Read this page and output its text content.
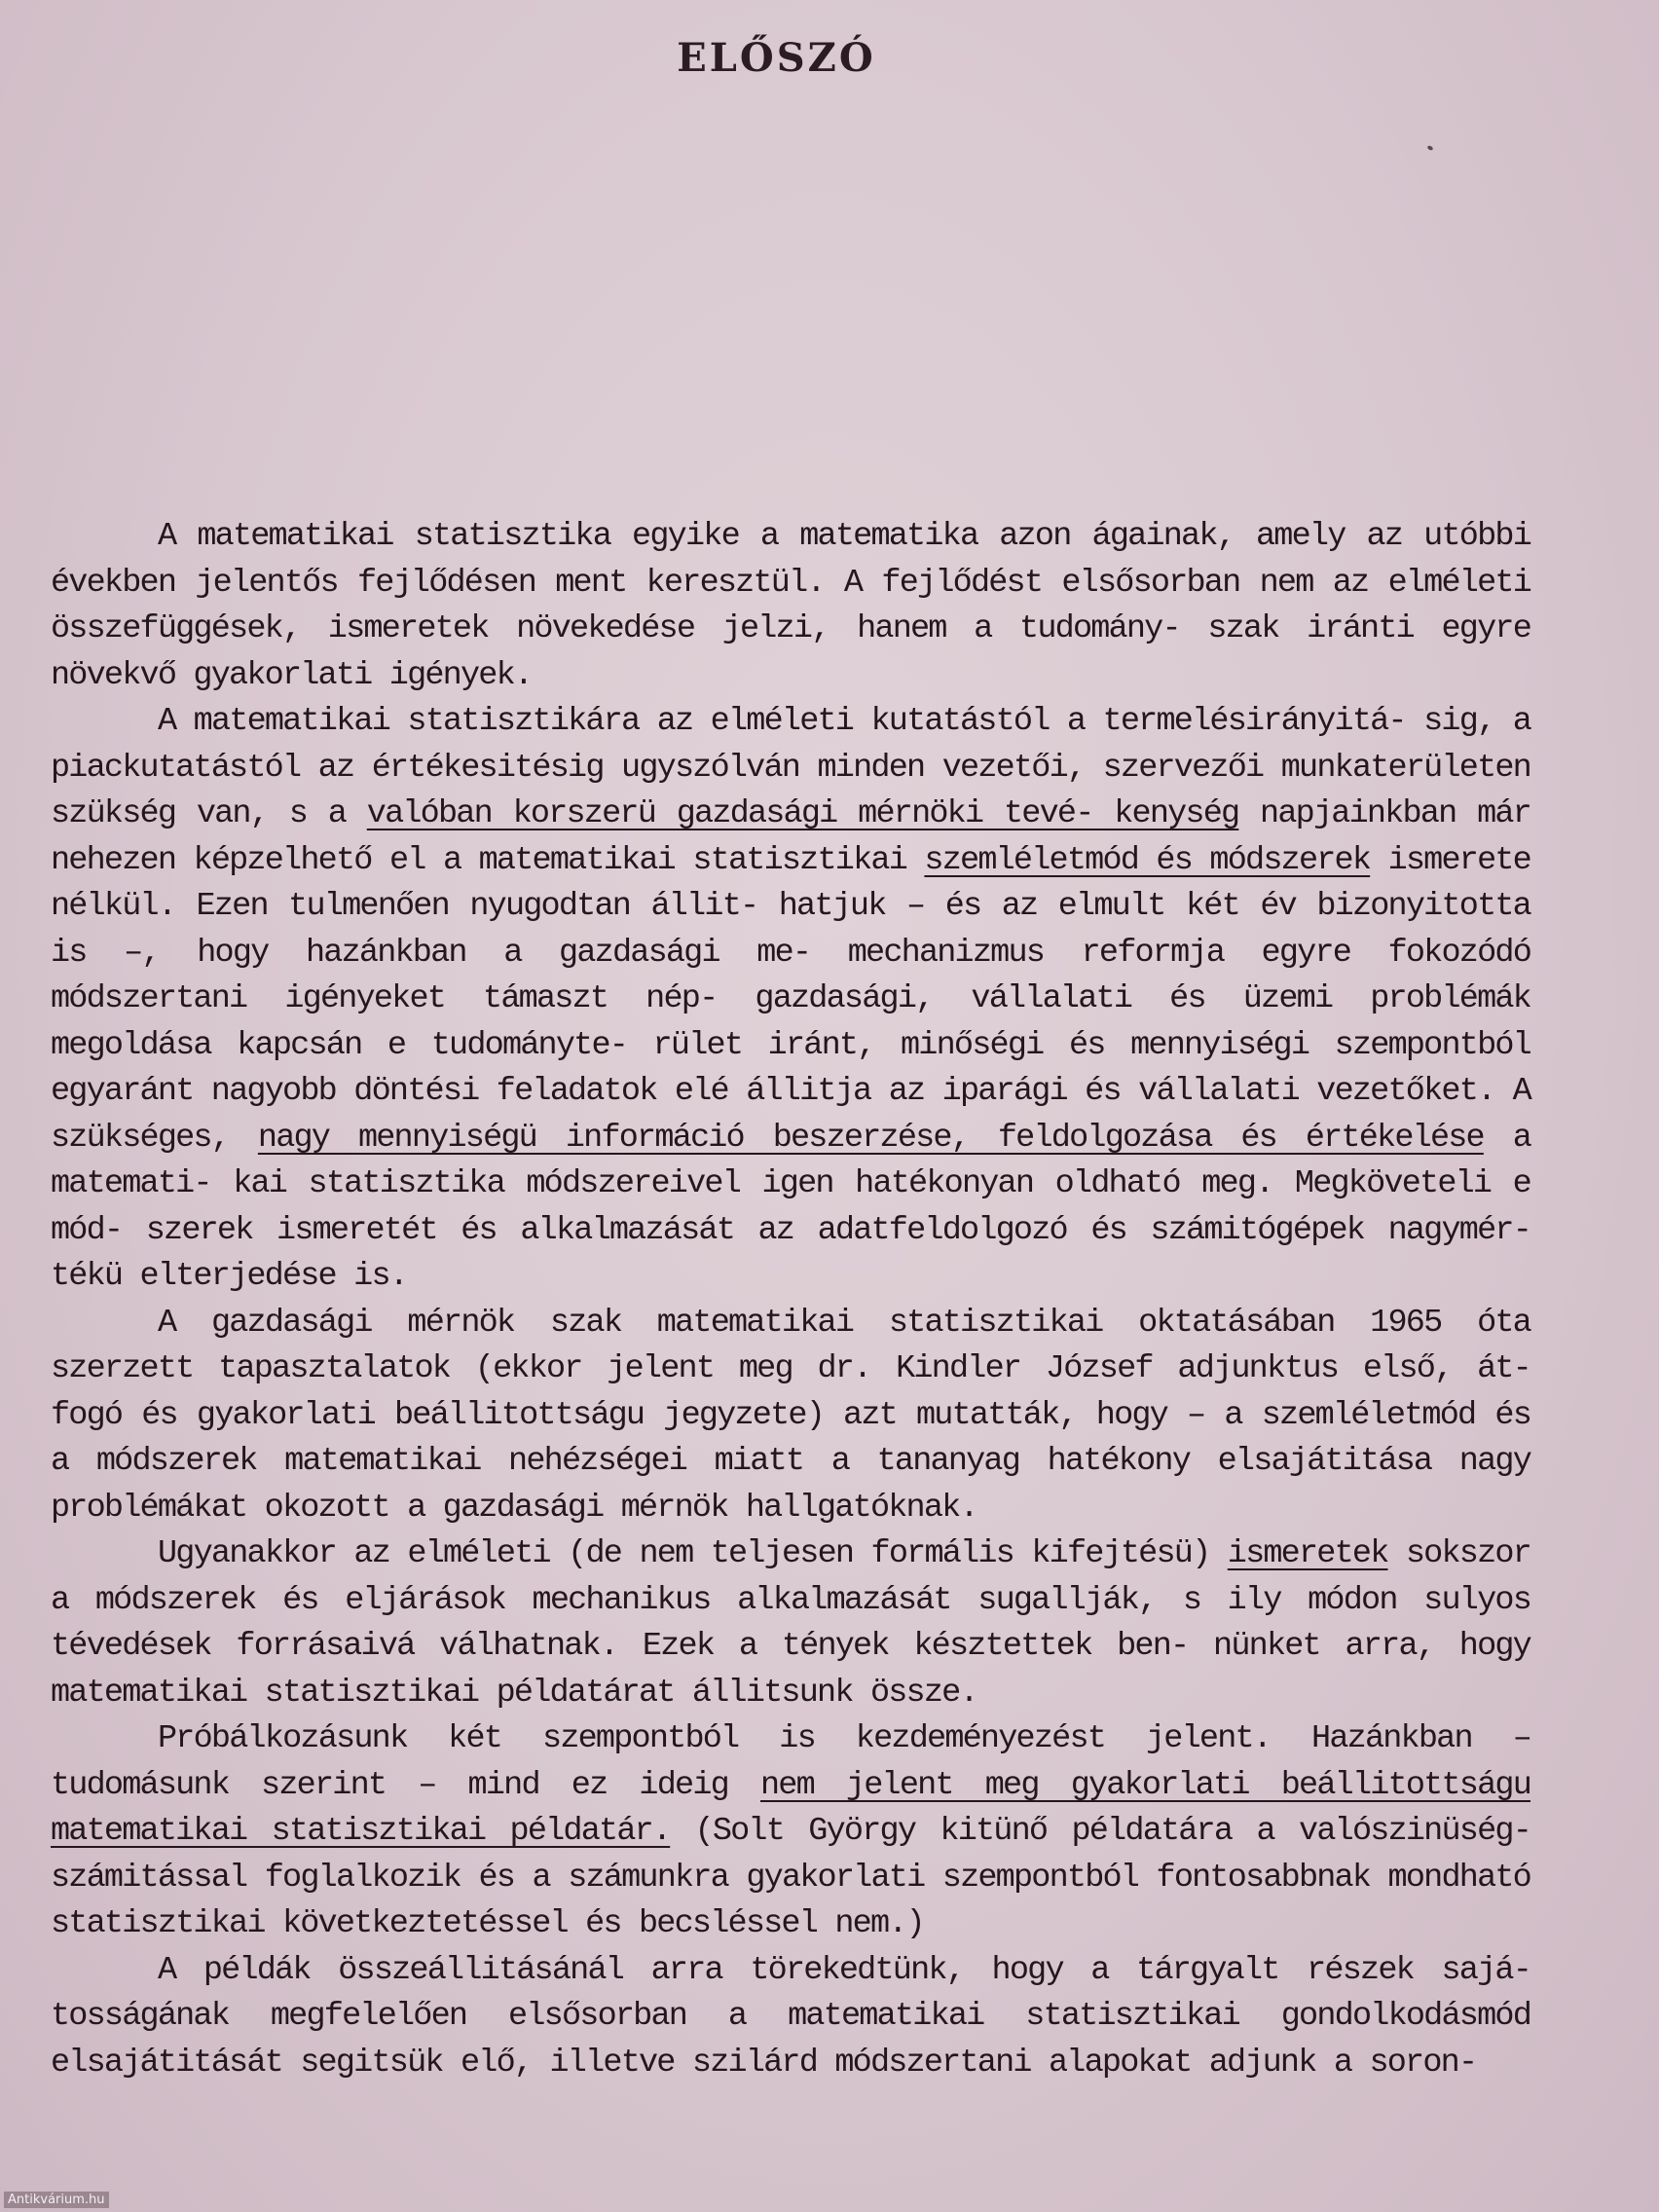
ELŐSZÓ

A matematikai statisztika egyike a matematika azon ágainak, amely az utóbbi években jelentős fejlődésen ment keresztül. A fejlődést elsősorban nem az elméleti összefüggések, ismeretek növekedése jelzi, hanem a tudomány- szak iránti egyre növekvő gyakorlati igények.

A matematikai statisztikára az elméleti kutatástól a termelésirányitá- sig, a piackutatástól az értékesitésig ugyszólván minden vezetői, szervezői munkaterületen szükség van, s a valóban korszerü gazdasági mérnöki tevé- kenység napjainkban már nehezen képzelhető el a matematikai statisztikai szemléletmód és módszerek ismerete nélkül. Ezen tulmenően nyugodtan állit- hatjuk – és az elmult két év bizonyitotta is –, hogy hazánkban a gazdasági me- mechanizmus reformja egyre fokozódó módszertani igényeket támaszt nép- gazdasági, vállalati és üzemi problémák megoldása kapcsán e tudományte- rület iránt, minőségi és mennyiségi szempontból egyaránt nagyobb döntési feladatok elé állitja az iparági és vállalati vezetőket. A szükséges, nagy mennyiségü információ beszerzése, feldolgozása és értékelése a matemati- kai statisztika módszereivel igen hatékonyan oldható meg. Megköveteli e mód- szerek ismeretét és alkalmazását az adatfeldolgozó és számitógépek nagymér- tékü elterjedése is.

A gazdasági mérnök szak matematikai statisztikai oktatásában 1965 óta szerzett tapasztalatok (ekkor jelent meg dr. Kindler József adjunktus első, át- fogó és gyakorlati beállitottságu jegyzete) azt mutatták, hogy – a szemléletmód és a módszerek matematikai nehézségei miatt a tananyag hatékony elsajátitása nagy problémákat okozott a gazdasági mérnök hallgatóknak.

Ugyanakkor az elméleti (de nem teljesen formális kifejtésü) ismeretek sokszor a módszerek és eljárások mechanikus alkalmazását sugallják, s ily módon sulyos tévedések forrásaivá válhatnak. Ezek a tények késztettek ben- nünket arra, hogy matematikai statisztikai példatárat állitsunk össze.

Próbálkozásunk két szempontból is kezdeményezést jelent. Hazánkban – tudomásunk szerint – mind ez ideig nem jelent meg gyakorlati beállitottságu matematikai statisztikai példatár. (Solt György kitünő példatára a valószinüség- számitással foglalkozik és a számunkra gyakorlati szempontból fontosabbnak mondható statisztikai következtetéssel és becsléssel nem.)

A példák összeállitásánál arra törekedtünk, hogy a tárgyalt részek sajá- tosságának megfelelően elsősorban a matematikai statisztikai gondolkodásmód elsajátitását segitsük elő, illetve szilárd módszertani alapokat adjunk a soron-

Antikvárium.hu
